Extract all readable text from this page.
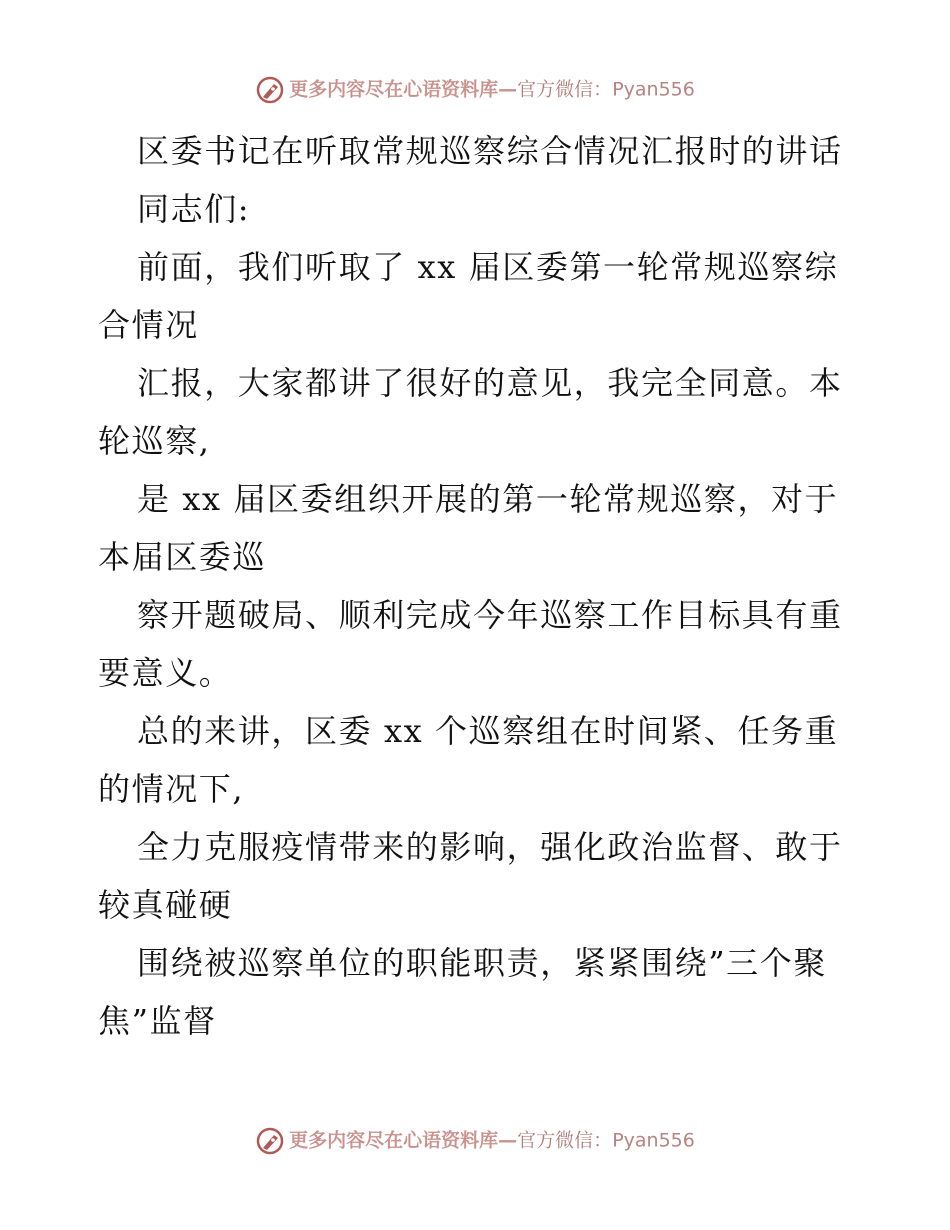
更多内容尽在心语资料库—官方微信：Pyan556
区委书记在听取常规巡察综合情况汇报时的讲话
同志们:
前面，我们听取了 xx 届区委第一轮常规巡察综
合情况
汇报，大家都讲了很好的意见，我完全同意。本
轮巡察,
是 xx 届区委组织开展的第一轮常规巡察，对于
本届区委巡
察开题破局、顺利完成今年巡察工作目标具有重
要意义。
总的来讲，区委 xx 个巡察组在时间紧、任务重
的情况下,
全力克服疫情带来的影响，强化政治监督、敢于
较真碰硬
围绕被巡察单位的职能职责，紧紧围绕”三个聚
焦”监督
更多内容尽在心语资料库—官方微信：Pyan556
